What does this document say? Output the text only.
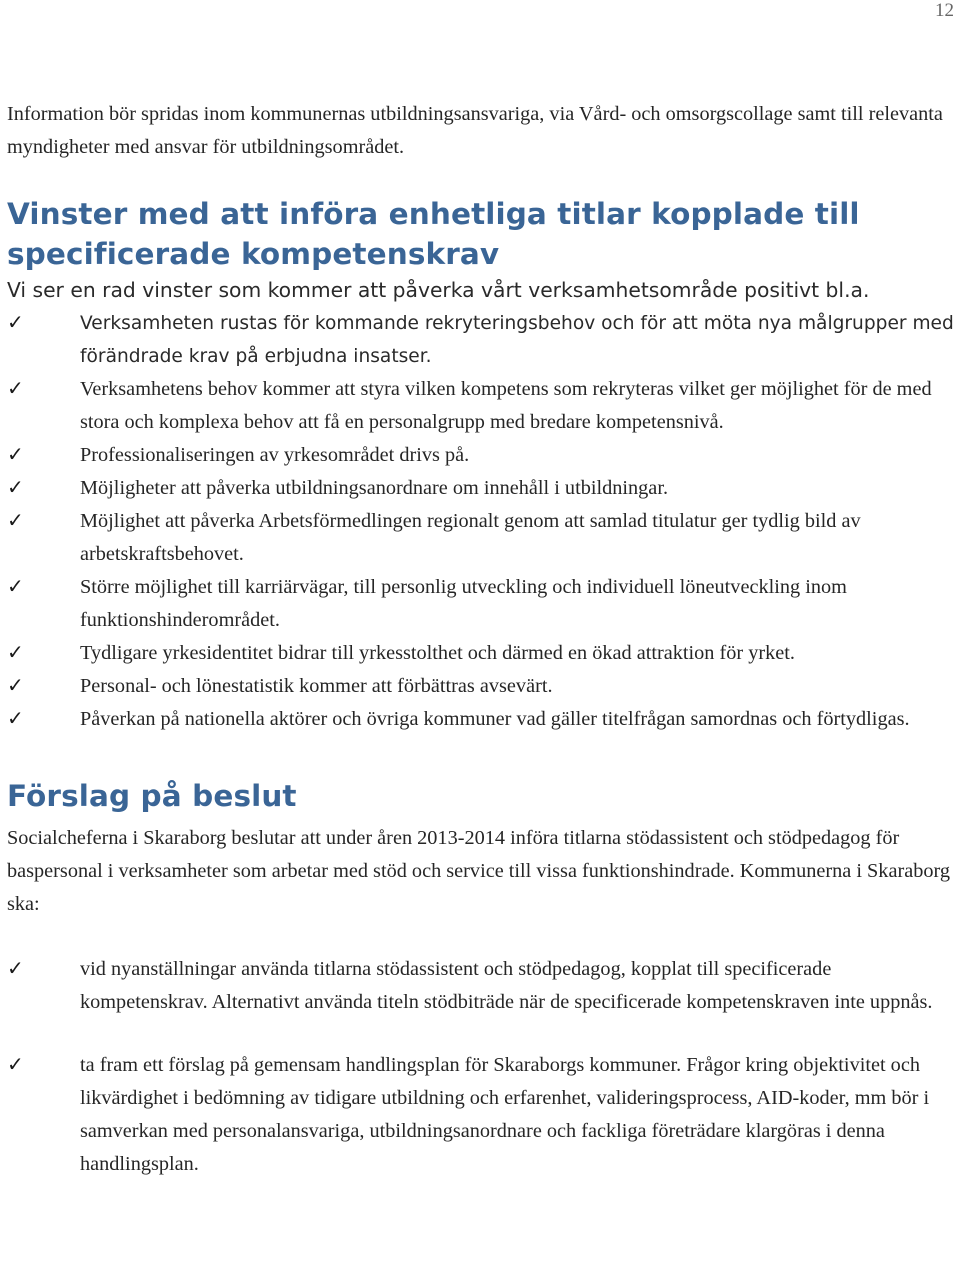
12

Information bör spridas inom kommunernas utbildningsansvariga, via Vård- och omsorgscollage samt till relevanta myndigheter med ansvar för utbildningsområdet.

Vinster med att införa enhetliga titlar kopplade till
specificerade kompetenskrav

Vi ser en rad vinster som kommer att påverka vårt verksamhetsområde positivt bl.a.

✓	Verksamheten rustas för kommande rekryteringsbehov och för att möta nya målgrupper med förändrade krav på erbjudna insatser.
✓	Verksamhetens behov kommer att styra vilken kompetens som rekryteras vilket ger möjlighet för de med stora och komplexa behov att få en personalgrupp med bredare kompetensnivå.
✓	Professionaliseringen av yrkesområdet drivs på.
✓	Möjligheter att påverka utbildningsanordnare om innehåll i utbildningar.
✓	Möjlighet att påverka Arbetsförmedlingen regionalt genom att samlad titulatur ger tydlig bild av arbetskraftsbehovet.
✓	Större möjlighet till karriärvägar, till personlig utveckling och individuell löneutveckling inom funktionshinderområdet.
✓	Tydligare yrkesidentitet bidrar till yrkesstolthet och därmed en ökad attraktion för yrket.
✓	Personal- och lönestatistik kommer att förbättras avsevärt.
✓	Påverkan på nationella aktörer och övriga kommuner vad gäller titelfrågan samordnas och förtydligas.
Förslag på beslut

Socialcheferna i Skaraborg beslutar att under åren 2013-2014 införa titlarna stödassistent och stödpedagog för baspersonal i verksamheter som arbetar med stöd och service till vissa funktionshindrade. Kommunerna i Skaraborg ska:

✓	vid nyanställningar använda titlarna stödassistent och stödpedagog, kopplat till specificerade kompetenskrav. Alternativt använda titeln stödbiträde när de specificerade kompetenskraven inte uppnås.
✓	ta fram ett förslag på gemensam handlingsplan för Skaraborgs kommuner. Frågor kring objektivitet och likvärdighet i bedömning av tidigare utbildning och erfarenhet, valideringsprocess, AID-koder, mm bör i samverkan med personalansvariga, utbildningsanordnare och fackliga företrädare klargöras i denna handlingsplan.
